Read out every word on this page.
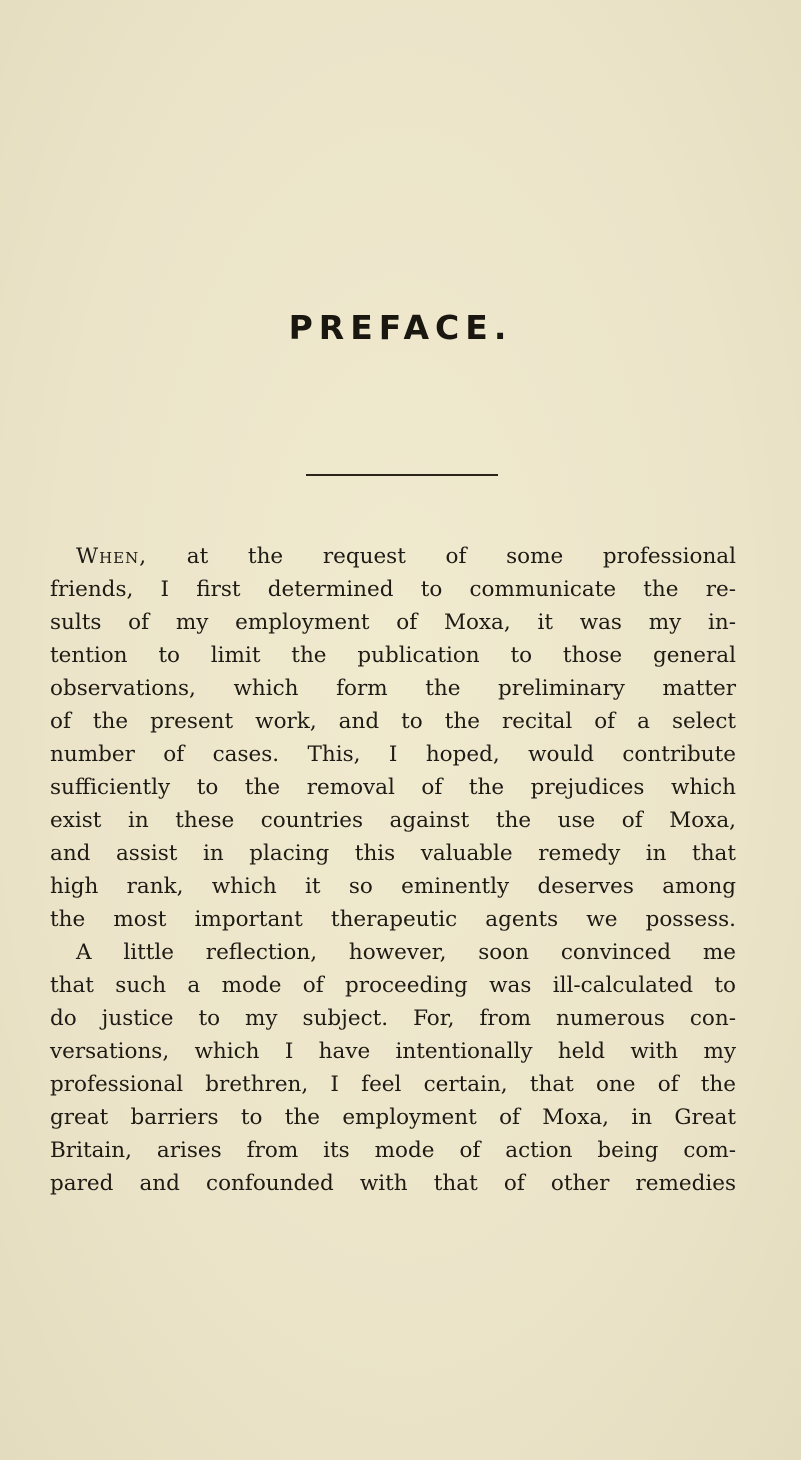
PREFACE.
When, at the request of some professional
friends, I first determined to communicate the re-
sults of my employment of Moxa, it was my in-
tention to limit the publication to those general
observations, which form the preliminary matter
of the present work, and to the recital of a select
number of cases. This, I hoped, would contribute
sufficiently to the removal of the prejudices which
exist in these countries against the use of Moxa,
and assist in placing this valuable remedy in that
high rank, which it so eminently deserves among
the most important therapeutic agents we possess.
A little reflection, however, soon convinced me
that such a mode of proceeding was ill-calculated to
do justice to my subject. For, from numerous con-
versations, which I have intentionally held with my
professional brethren, I feel certain, that one of the
great barriers to the employment of Moxa, in Great
Britain, arises from its mode of action being com-
pared and confounded with that of other remedies
